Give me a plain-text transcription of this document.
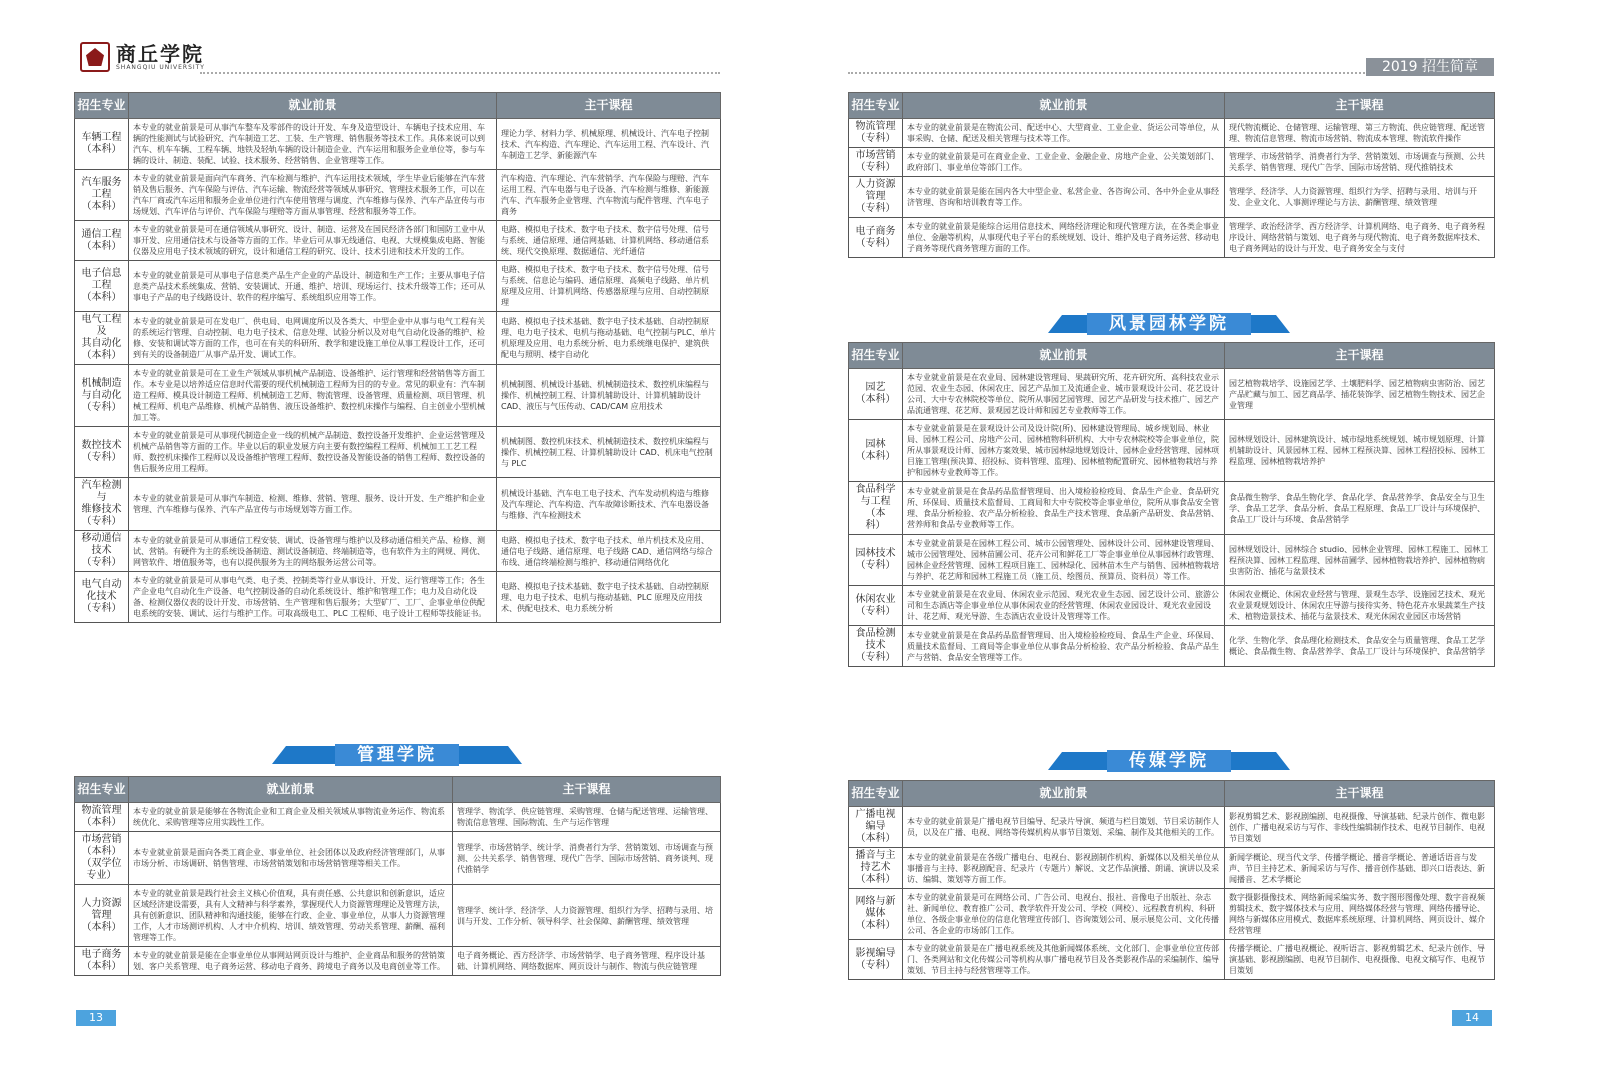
商丘学院
SHANGQIU UNIVERSITY
招生专业	就业前景	主干课程
车辆工程
（本科）	本专业的就业前景是可从事汽车整车及零部件的设计开发、车身及造型设计、车辆电子技术应用、车辆的性能测试与试验研究、汽车制造工艺、工装、生产管理、销售服务等技术工作。具体来说可以到汽车、机车车辆、工程车辆、地铁及轻轨车辆的设计制造企业、汽车运用和服务企业单位等，参与车辆的设计、制造、装配、试验、技术服务、经营销售、企业管理等工作。	理论力学、材料力学、机械原理、机械设计、汽车电子控制技术、汽车构造、汽车理论、汽车运用工程、汽车设计、汽车制造工艺学、新能源汽车
汽车服务
工程
（本科）	本专业的就业前景是面向汽车商务、汽车检测与维护、汽车运用技术领域，学生毕业后能够在汽车营销及售后服务、汽车保险与评估、汽车运输、物流经营等领域从事研究、管理技术服务工作，可以在汽车厂商或汽车运用和服务企业单位进行汽车使用管理与调度、汽车维修与保养、汽车产品宣传与市场规划、汽车评估与评价、汽车保险与理赔等方面从事管理、经营和服务等工作。	汽车构造、汽车理论、汽车营销学、汽车保险与理赔、汽车运用工程、汽车电器与电子设备、汽车检测与维修、新能源汽车、汽车服务企业管理、汽车物流与配件管理、汽车电子商务
通信工程
（本科）	本专业的就业前景是可在通信领域从事研究、设计、制造、运营及在国民经济各部门和国防工业中从事开发、应用通信技术与设备等方面的工作。毕业后可从事无线通信、电视、大规模集成电路、智能仪器及应用电子技术领域的研究，设计和通信工程的研究、设计、技术引进和技术开发的工作。	电路、模拟电子技术、数字电子技术、数字信号处理、信号与系统、通信原理、通信网基础、计算机网络、移动通信系统、现代交换原理、数据通信、光纤通信
电子信息
工程
（本科）	本专业的就业前景是可从事电子信息类产品生产企业的产品设计、制造和生产工作；主要从事电子信息类产品技术系统集成、营销、安装调试、开通、维护、培训、现场运行、技术升级等工作；还可从事电子产品的电子线路设计、软件的程序编写、系统组织应用等工作。	电路、模拟电子技术、数字电子技术、数字信号处理、信号与系统、信息论与编码、通信原理、高频电子线路、单片机原理及应用、计算机网络、传感器原理与应用、自动控制原理
电气工程及
其自动化
（本科）	本专业的就业前景是可在发电厂、供电局、电网调度所以及各类大、中型企业中从事与电气工程有关的系统运行管理、自动控制、电力电子技术、信息处理、试验分析以及对电气自动化设备的维护、检修、安装和调试等方面的工作，也可在有关的科研所、教学和建设施工单位从事工程设计工作，还可到有关的设备制造厂从事产品开发、调试工作。	电路、模拟电子技术基础、数字电子技术基础、自动控制原理、电力电子技术、电机与拖动基础、电气控制与PLC、单片机原理及应用、电力系统分析、电力系统继电保护、建筑供配电与照明、楼宇自动化
机械制造
与自动化
（专科）	本专业的就业前景是可在工业生产领域从事机械产品制造、设备维护、运行管理和经营销售等方面工作。本专业是以培养适应信息时代需要的现代机械制造工程师为目的的专业。常见的职业有：汽车制造工程师、模具设计制造工程师、机械制造工艺师、物流管理、设备管理、质量检测、项目管理、机械工程师、机电产品维修、机械产品销售、液压设备维护、数控机床操作与编程、自主创业小型机械加工等。	机械制图、机械设计基础、机械制造技术、数控机床编程与操作、机械控制工程、计算机辅助设计、计算机辅助设计 CAD、液压与气压传动、CAD/CAM 应用技术
数控技术
（专科）	本专业的就业前景是可从事现代制造企业一线的机械产品制造、数控设备开发维护、企业运营管理及机械产品销售等方面的工作。毕业以后的职业发展方向主要有数控编程工程师、机械加工工艺工程师、数控机床操作工程师以及设备维护管理工程师、数控设备及智能设备的销售工程师、数控设备的售后服务应用工程师。	机械制图、数控机床技术、机械制造技术、数控机床编程与操作、机械控制工程、计算机辅助设计 CAD、机床电气控制与 PLC
汽车检测与
维修技术
（专科）	本专业的就业前景是可从事汽车制造、检测、维修、营销、管理、服务、设计开发、生产维护和企业管理、汽车维修与保养、汽车产品宣传与市场规划等方面工作。	机械设计基础、汽车电工电子技术、汽车发动机构造与维修及汽车理论、汽车构造、汽车故障诊断技术、汽车电器设备与维修、汽车检测技术
移动通信
技术
（专科）	本专业的就业前景是可从事通信工程安装、调试、设备管理与维护以及移动通信相关产品、检修、测试、营销。有硬件为主的系统设备制造、测试设备制造、终端制造等，也有软件为主的网规、网优、网管软件、增值服务等，也有以提供服务为主的网络服务运营公司等。	电路、模拟电子技术、数字电子技术、单片机技术及应用、通信电子线路、通信原理、电子线路 CAD、通信网络与综合布线、通信终端检测与维护、移动通信网络优化
电气自动
化技术
（专科）	本专业的就业前景是可从事电气类、电子类、控制类等行业从事设计、开发、运行管理等工作；各生产企业电气自动化生产设备、电气控制设备的自动化系统设计、维护和管理工作；电力及自动化设备、检测仪器仪表的设计开发、市场营销、生产管理和售后服务；大型矿厂、工厂、企事业单位供配电系统的安装、调试、运行与维护工作。可取高级电工、PLC 工程师、电子设计工程师等技能证书。	电路、模拟电子技术基础、数字电子技术基础、自动控制原理、电力电子技术、电机与拖动基础、PLC 原理及应用技术、供配电技术、电力系统分析
管理学院
招生专业	就业前景	主干课程
物流管理
（本科）	本专业的就业前景是能够在各物流企业和工商企业及相关领域从事物流业务运作、物流系统优化、采购管理等应用实践性工作。	管理学、物流学、供应链管理、采购管理、仓储与配送管理、运输管理、物流信息管理、国际物流、生产与运作管理
市场营销
（本科）
（双学位专业）	本专业就业前景是面向各类工商企业、事业单位、社会团体以及政府经济管理部门，从事市场分析、市场调研、销售管理、市场营销策划和市场营销管理等相关工作。	管理学、市场营销学、统计学、消费者行为学、营销策划、市场调查与预测、公共关系学、销售管理、现代广告学、国际市场营销、商务谈判、现代推销学
人力资源
管理
（本科）	本专业的就业前景是践行社会主义核心价值观，具有责任感、公共意识和创新意识，适应区域经济建设需要，具有人文精神与科学素养，掌握现代人力资源管理理论及管理方法，具有创新意识、团队精神和沟通技能，能够在行政、企业、事业单位，从事人力资源管理工作，人才市场测评机构、人才中介机构、培训、绩效管理、劳动关系管理、薪酬、福利管理等工作。	管理学、统计学、经济学、人力资源管理、组织行为学、招聘与录用、培训与开发、工作分析、领导科学、社会保障、薪酬管理、绩效管理
电子商务
（本科）	本专业的就业前景是能在企事业单位从事网站网页设计与维护、企业商品和服务的营销策划、客户关系管理、电子商务运营、移动电子商务、跨境电子商务以及电商创业等工作。	电子商务概论、西方经济学、市场营销学、电子商务管理、程序设计基础、计算机网络、网络数据库、网页设计与制作、物流与供应链管理
13
2019 招生简章
招生专业	就业前景	主干课程
物流管理
（专科）	本专业的就业前景是在物流公司、配送中心、大型商业、工业企业、货运公司等单位，从事采购、仓储、配送及相关管理与技术等工作。	现代物流概论、仓储管理、运输管理、第三方物流、供应链管理、配送管理、物流信息管理、物流市场营销、物流成本管理、物流软件操作
市场营销
（专科）	本专业的就业前景是可在商业企业、工业企业、金融企业、房地产企业、公关策划部门、政府部门、事业单位等部门工作。	管理学、市场营销学、消费者行为学、营销策划、市场调查与预测、公共关系学、销售管理、现代广告学、国际市场营销、现代推销技术
人力资源
管理
（专科）	本专业的就业前景是能在国内各大中型企业、私营企业、各咨询公司、各中外企业从事经济管理、咨询和培训教育等工作。	管理学、经济学、人力资源管理、组织行为学、招聘与录用、培训与开发、企业文化、人事测评理论与方法、薪酬管理、绩效管理
电子商务
（专科）	本专业的就业前景是能综合运用信息技术、网络经济理论和现代管理方法，在各类企事业单位、金融等机构，从事现代电子平台的系统规划、设计、维护及电子商务运营、移动电子商务等现代商务管理方面的工作。	管理学、政治经济学、西方经济学、计算机网络、电子商务、电子商务程序设计、网络营销与策划、电子商务与现代物流、电子商务数据库技术、电子商务网站的设计与开发、电子商务安全与支付
风景园林学院
招生专业	就业前景	主干课程
园艺
（本科）	本专业就业前景是在农业局、园林建设管理局、果蔬研究所、花卉研究所、高科技农业示范园、农业生态园、休闲农庄、园艺产品加工及流通企业、城市景观设计公司、花艺设计公司、大中专农林院校等单位、院所从事园艺园管理、园艺产品研发与技术推广、园艺产品流通管理、花艺师、景观园艺设计师和园艺专业教师等工作。	园艺植物栽培学、设施园艺学、土壤肥料学、园艺植物病虫害防治、园艺产品贮藏与加工、园艺商品学、插花装饰学、园艺植物生物技术、园艺企业管理
园林
（本科）	本专业就业前景是在景观设计公司及设计院(所)、园林建设管理局、城乡规划局、林业局、园林工程公司、房地产公司、园林植物科研机构、大中专农林院校等企事业单位，院所从事景观设计师、园林方案效果、城市园林绿地规划设计、园林企业经营管理、园林项目施工管理(预决算、招投标、资料管理、监理)、园林植物配置研究、园林植物栽培与养护和园林专业教师等工作。	园林规划设计、园林建筑设计、城市绿地系统规划、城市规划原理、计算机辅助设计、风景园林工程、园林工程预决算、园林工程招投标、园林工程监理、园林植物栽培养护
食品科学
与工程（本
科）	本专业就业前景是在食品药品监督管理局、出入境检验检疫局、食品生产企业、食品研究所、环保局、质量技术监督局、工商局和大中专院校等企事业单位，院所从事食品安全管理、食品分析检验、农产品分析检验、食品生产技术管理、食品新产品研发、食品营销、营养师和食品专业教师等工作。	食品微生物学、食品生物化学、食品化学、食品营养学、食品安全与卫生学、食品工艺学、食品分析、食品工程原理、食品工厂设计与环境保护、食品工厂设计与环境、食品营销学
园林技术
（专科）	本专业就业前景是在园林工程公司、城市公园管理处、园林设计公司、园林建设管理局、城市公园管理处、园林苗圃公司、花卉公司和鲜花工厂等企事业单位从事园林行政管理、园林企业经营管理、园林工程项目施工、园林绿化、园林苗木生产与销售、园林植物栽培与养护、花艺师和园林工程施工员（施工员、绘图员、预算员、资料员）等工作。	园林规划设计、园林综合 studio、园林企业管理、园林工程施工、园林工程预决算、园林工程监理、园林苗圃学、园林植物栽培养护、园林植物病虫害防治、插花与盆景技术
休闲农业
（专科）	本专业就业前景是在农业局、休闲农业示范园、观光农业生态园、园艺设计公司、旅游公司和生态酒店等企事业单位从事休闲农业的经营管理、休闲农业园设计、观光农业园设计、花艺师、观光导游、生态酒店农业设计及管理等工作。	休闲农业概论、休闲农业经营与管理、景观生态学、设施园艺技术、观光农业景观规划设计、休闲农庄导游与接待实务、特色花卉水果蔬菜生产技术、植物造景技术、插花与盆景技术、观光休闲农业园区市场营销
食品检测
技术
（专科）	本专业就业前景是在食品药品监督管理局、出入境检验检疫局、食品生产企业、环保局、质量技术监督局、工商局等企事业单位从事食品分析检验、农产品分析检验、食品产品生产与营销、食品安全管理等工作。	化学、生物化学、食品理化检测技术、食品安全与质量管理、食品工艺学概论、食品微生物、食品营养学、食品工厂设计与环境保护、食品营销学
传媒学院
招生专业	就业前景	主干课程
广播电视
编导
（本科）	本专业的就业前景是广播电视节目编导、纪录片导演、频道与栏目策划、节目采访制作人员，以及在广播、电视、网络等传媒机构从事节目策划、采编、制作及其他相关的工作。	影视剪辑艺术、影视剧编剧、电视摄像、导演基础、纪录片创作、微电影创作、广播电视采访与写作、非线性编辑制作技术、电视节目制作、电视节目策划
播音与主
持艺术
（本科）	本专业的就业前景是在各级广播电台、电视台、影视剧制作机构、新媒体以及相关单位从事播音与主持、影视剧配音、纪录片（专题片）解说、文艺作品演播、朗诵、演讲以及采访、编辑、策划等方面工作。	新闻学概论、现当代文学、传播学概论、播音学概论、普通话语音与发声、节目主持艺术、新闻采访与写作、播音创作基础、即兴口语表达、新闻播音、艺术学概论
网络与新
媒体
（本科）	本专业的就业前景是可在网络公司、广告公司、电视台、报社、音像电子出版社、杂志社、新闻单位、教育推广公司、教学软件开发公司、学校（网校）、远程教育机构、科研单位、各级企事业单位的信息化管理宣传部门、咨询策划公司、展示展览公司、文化传播公司、各企业的市场部门工作。	数字摄影摄像技术、网络新闻采编实务、数字图形图像处理、数字音视频剪辑技术、数字媒体技术与应用、网络媒体经营与管理、网络传播导论、网络与新媒体应用模式、数据库系统原理、计算机网络、网页设计、媒介经营管理
影视编导
（专科）	本专业的就业前景是在广播电视系统及其他新闻媒体系统、文化部门、企事业单位宣传部门、各类网站和文化传媒公司等机构从事广播电视节目及各类影视作品的采编制作、编导策划、节目主持与经营管理等工作。	传播学概论、广播电视概论、视听语言、影视剪辑艺术、纪录片创作、导演基础、影视剧编剧、电视节目制作、电视摄像、电视文稿写作、电视节目策划
14
